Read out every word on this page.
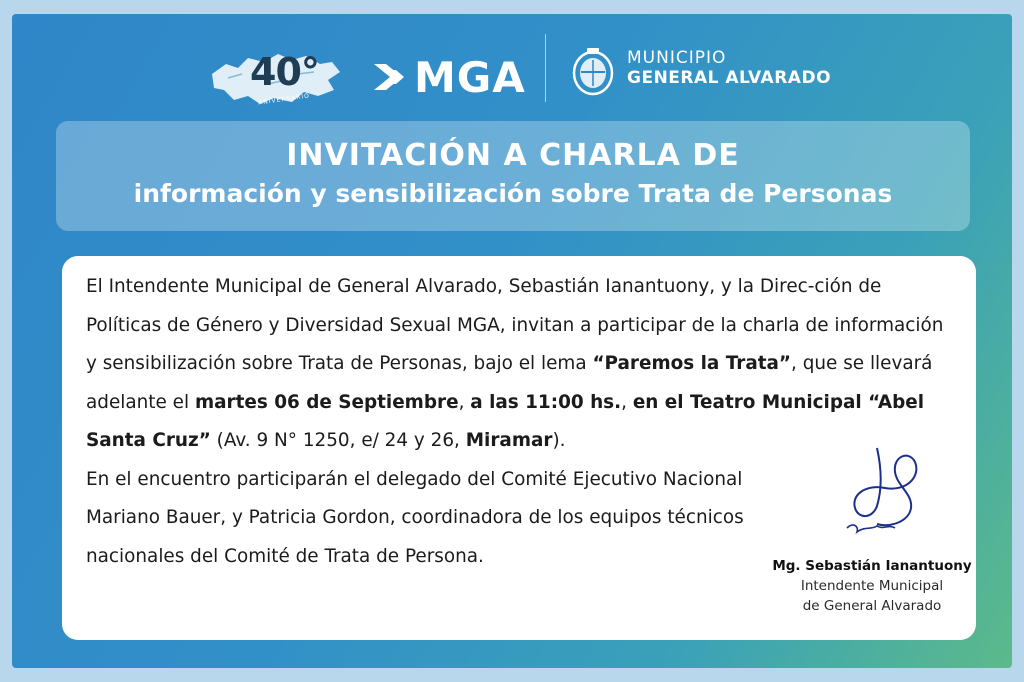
40°
ANIVERSARIO MGA	MUNICIPIO
GENERAL ALVARADO
INVITACIÓN A CHARLA DE
información y sensibilización sobre Trata de Personas

El Intendente Municipal de General Alvarado, Sebastián Ianantuony, y la Direc-ción de Políticas de Género y Diversidad Sexual MGA, invitan a participar de la charla de información y sensibilización sobre Trata de Personas, bajo el lema “Paremos la Trata”, que se llevará adelante el martes 06 de Septiembre, a las 11:00 hs., en el Teatro Municipal “Abel Santa Cruz” (Av. 9 N° 1250, e/ 24 y 26, Miramar).

En el encuentro participarán el delegado del Comité Ejecutivo Nacional Mariano Bauer, y Patricia Gordon, coordinadora de los equipos técnicos nacionales del Comité de Trata de Persona.	Mg. Sebastián Ianantuony
Intendente Municipal
de General Alvarado
